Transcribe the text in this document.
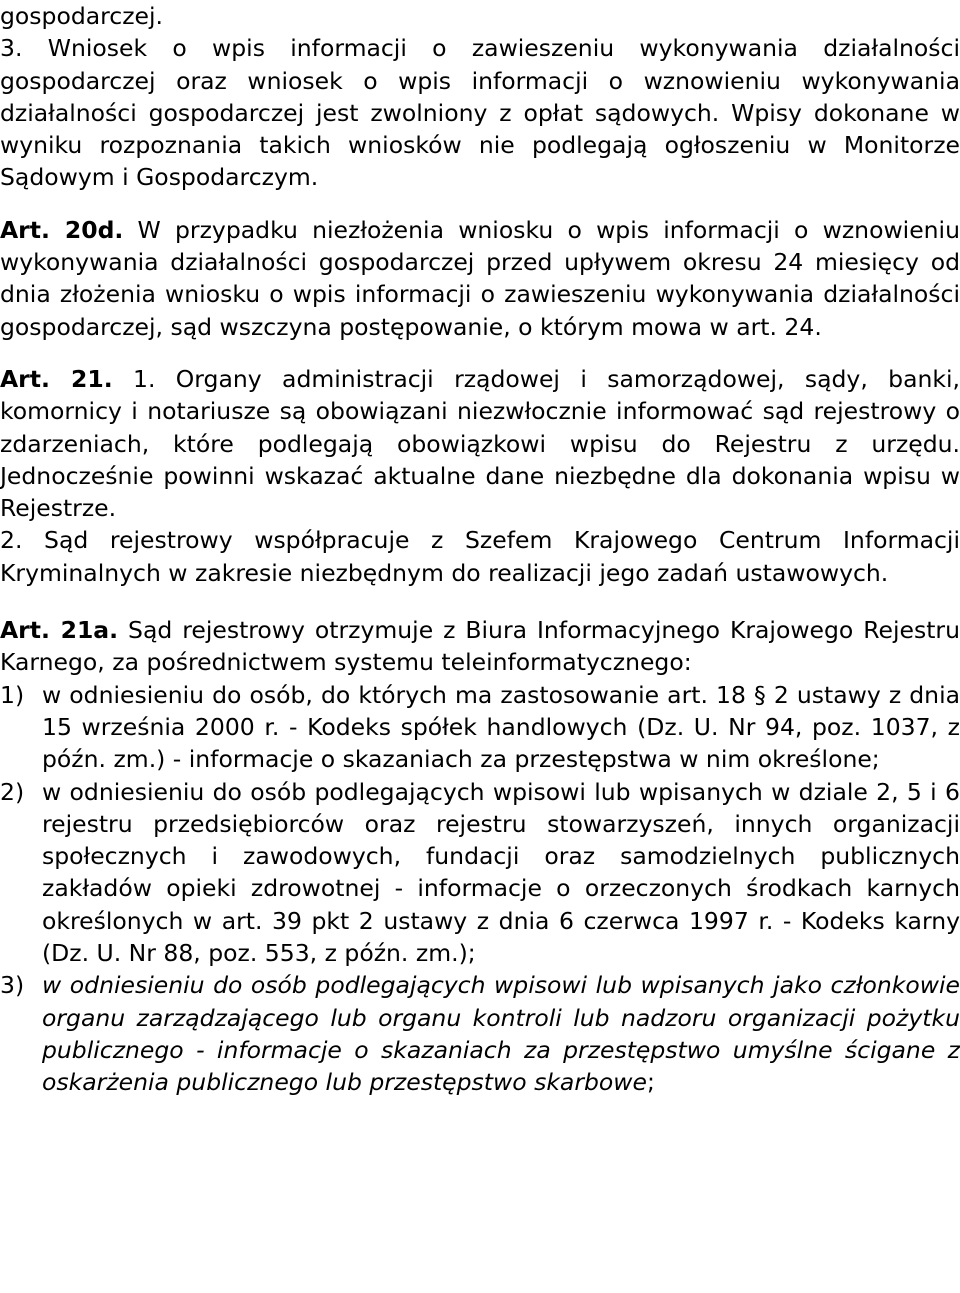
gospodarczej.

3. Wniosek o wpis informacji o zawieszeniu wykonywania działalności gospodarczej oraz wniosek o wpis informacji o wznowieniu wykonywania działalności gospodarczej jest zwolniony z opłat sądowych. Wpisy dokonane w wyniku rozpoznania takich wniosków nie podlegają ogłoszeniu w Monitorze Sądowym i Gospodarczym.

Art. 20d. W przypadku niezłożenia wniosku o wpis informacji o wznowieniu wykonywania działalności gospodarczej przed upływem okresu 24 miesięcy od dnia złożenia wniosku o wpis informacji o zawieszeniu wykonywania działalności gospodarczej, sąd wszczyna postępowanie, o którym mowa w art. 24.

Art. 21. 1. Organy administracji rządowej i samorządowej, sądy, banki, komornicy i notariusze są obowiązani niezwłocznie informować sąd rejestrowy o zdarzeniach, które podlegają obowiązkowi wpisu do Rejestru z urzędu. Jednocześnie powinni wskazać aktualne dane niezbędne dla dokonania wpisu w Rejestrze.

2. Sąd rejestrowy współpracuje z Szefem Krajowego Centrum Informacji Kryminalnych w zakresie niezbędnym do realizacji jego zadań ustawowych.

Art. 21a. Sąd rejestrowy otrzymuje z Biura Informacyjnego Krajowego Rejestru Karnego, za pośrednictwem systemu teleinformatycznego:

1) w odniesieniu do osób, do których ma zastosowanie art. 18 § 2 ustawy z dnia 15 września 2000 r. - Kodeks spółek handlowych (Dz. U. Nr 94, poz. 1037, z późn. zm.) - informacje o skazaniach za przestępstwa w nim określone;
2) w odniesieniu do osób podlegających wpisowi lub wpisanych w dziale 2, 5 i 6 rejestru przedsiębiorców oraz rejestru stowarzyszeń, innych organizacji społecznych i zawodowych, fundacji oraz samodzielnych publicznych zakładów opieki zdrowotnej - informacje o orzeczonych środkach karnych określonych w art. 39 pkt 2 ustawy z dnia 6 czerwca 1997 r. - Kodeks karny (Dz. U. Nr 88, poz. 553, z późn. zm.);
3) w odniesieniu do osób podlegających wpisowi lub wpisanych jako członkowie organu zarządzającego lub organu kontroli lub nadzoru organizacji pożytku publicznego - informacje o skazaniach za przestępstwo umyślne ścigane z oskarżenia publicznego lub przestępstwo skarbowe;
